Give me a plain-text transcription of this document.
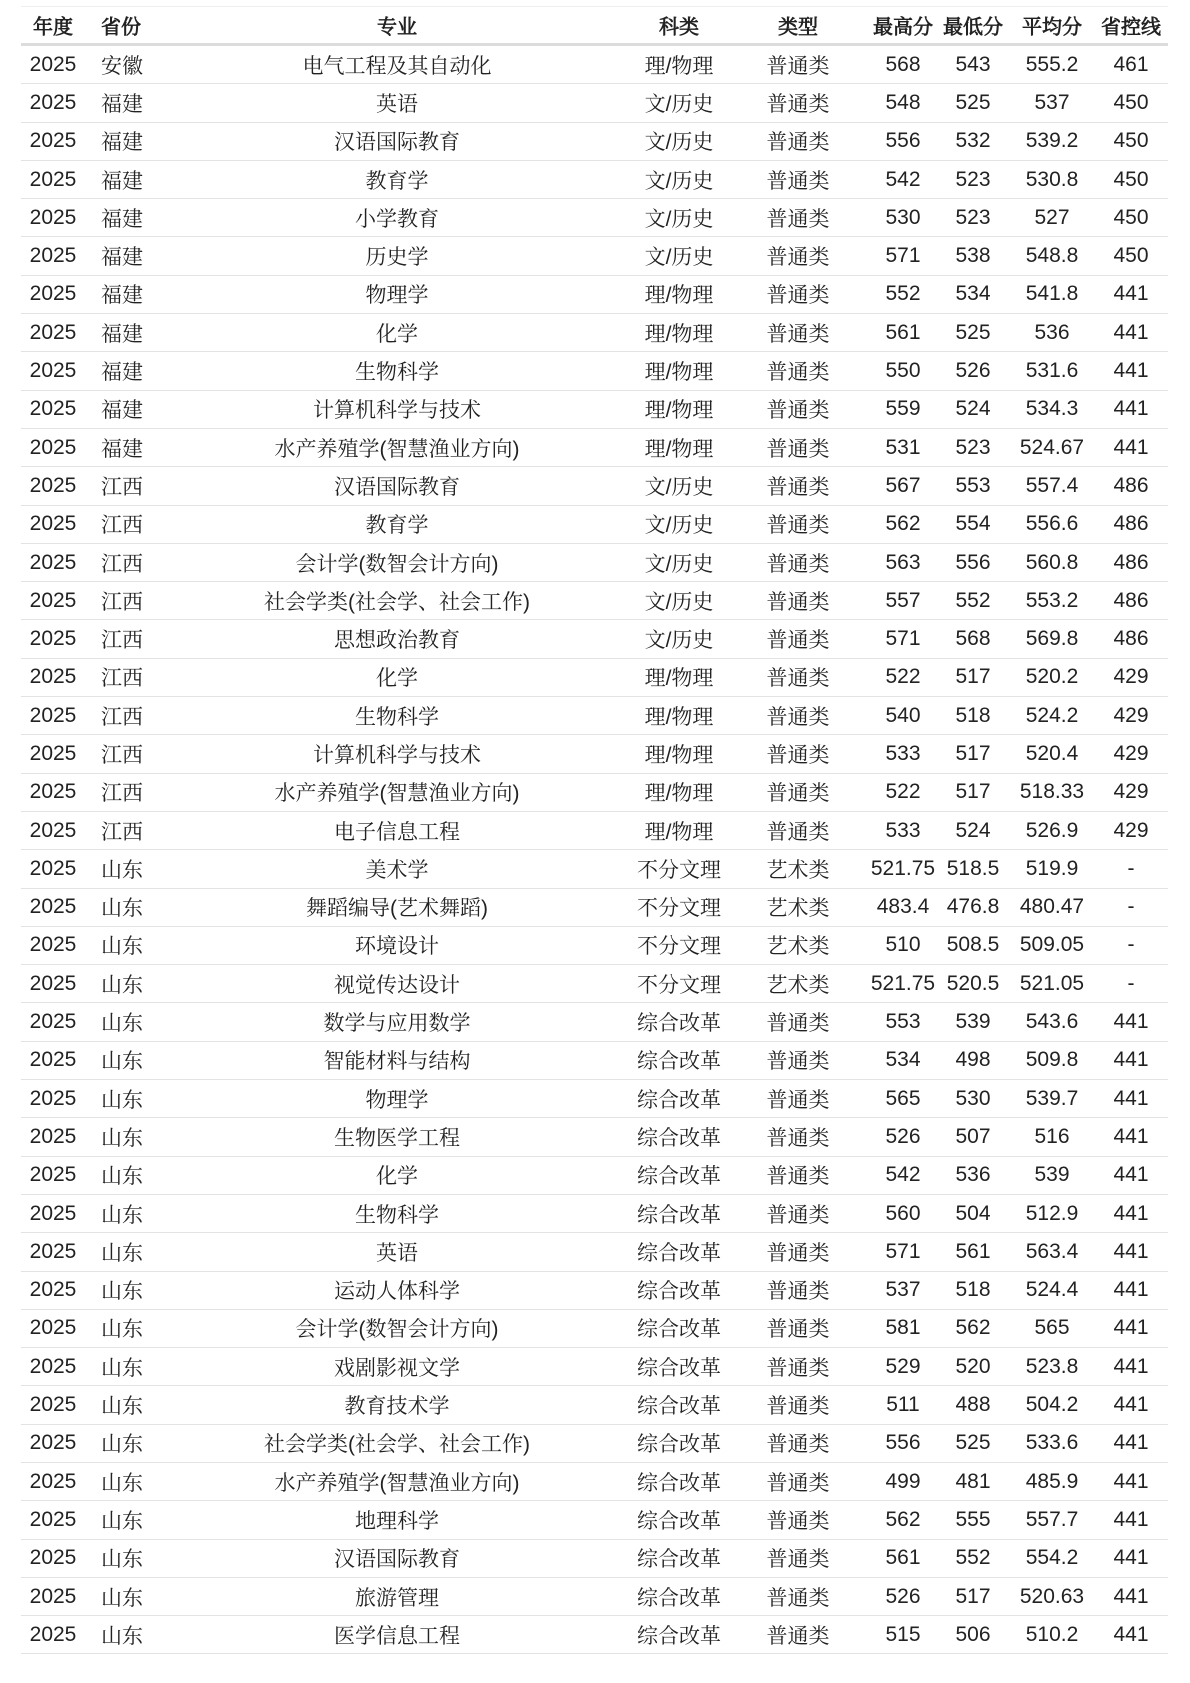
年度 省份	专业	科类	类型	最高分 最低分 平均分 省控线
2025 安徽	电气工程及其自动化	理/物理	普通类	568 543 555.2 461
2025 福建	英语	文/历史	普通类	548 525 537 450
2025 福建	汉语国际教育	文/历史	普通类	556 532 539.2 450
2025 福建	教育学	文/历史	普通类	542 523 530.8 450
2025 福建	小学教育	文/历史	普通类	530 523 527 450
2025 福建	历史学	文/历史	普通类	571 538 548.8 450
2025 福建	物理学	理/物理	普通类	552 534 541.8 441
2025 福建	化学	理/物理	普通类	561 525 536 441
2025 福建	生物科学	理/物理	普通类	550 526 531.6 441
2025 福建	计算机科学与技术	理/物理	普通类	559 524 534.3 441
2025 福建	水产养殖学(智慧渔业方向)	理/物理	普通类	531 523 524.67 441
2025 江西	汉语国际教育	文/历史	普通类	567 553 557.4 486
2025 江西	教育学	文/历史	普通类	562 554 556.6 486
2025 江西	会计学(数智会计方向)	文/历史	普通类	563 556 560.8 486
2025 江西	社会学类(社会学、社会工作)	文/历史	普通类	557 552 553.2 486
2025 江西	思想政治教育	文/历史	普通类	571 568 569.8 486
2025 江西	化学	理/物理	普通类	522 517 520.2 429
2025 江西	生物科学	理/物理	普通类	540 518 524.2 429
2025 江西	计算机科学与技术	理/物理	普通类	533 517 520.4 429
2025 江西	水产养殖学(智慧渔业方向)	理/物理	普通类	522 517 518.33 429
2025 江西	电子信息工程	理/物理	普通类	533 524 526.9 429
2025 山东	美术学	不分文理 艺术类 521.75 518.5 519.9 -
2025 山东	舞蹈编导(艺术舞蹈)	不分文理 艺术类 483.4 476.8 480.47 -
2025 山东	环境设计	不分文理 艺术类	510 508.5 509.05 -
2025 山东	视觉传达设计	不分文理 艺术类 521.75 520.5 521.05 -
2025 山东	数学与应用数学	综合改革 普通类	553 539 543.6 441
2025 山东	智能材料与结构	综合改革 普通类	534 498 509.8 441
2025 山东	物理学	综合改革 普通类	565 530 539.7 441
2025 山东	生物医学工程	综合改革 普通类	526 507 516 441
2025 山东	化学	综合改革 普通类	542 536 539 441
2025 山东	生物科学	综合改革 普通类	560 504 512.9 441
2025 山东	英语	综合改革 普通类	571 561 563.4 441
2025 山东	运动人体科学	综合改革 普通类	537 518 524.4 441
2025 山东	会计学(数智会计方向)	综合改革 普通类	581 562 565 441
2025 山东	戏剧影视文学	综合改革 普通类	529 520 523.8 441
2025 山东	教育技术学	综合改革 普通类	511 488 504.2 441
2025 山东	社会学类(社会学、社会工作)	综合改革 普通类	556 525 533.6 441
2025 山东	水产养殖学(智慧渔业方向)	综合改革 普通类	499 481 485.9 441
2025 山东	地理科学	综合改革 普通类	562 555 557.7 441
2025 山东	汉语国际教育	综合改革 普通类	561 552 554.2 441
2025 山东	旅游管理	综合改革 普通类	526 517 520.63 441
2025 山东	医学信息工程	综合改革 普通类	515 506 510.2 441
